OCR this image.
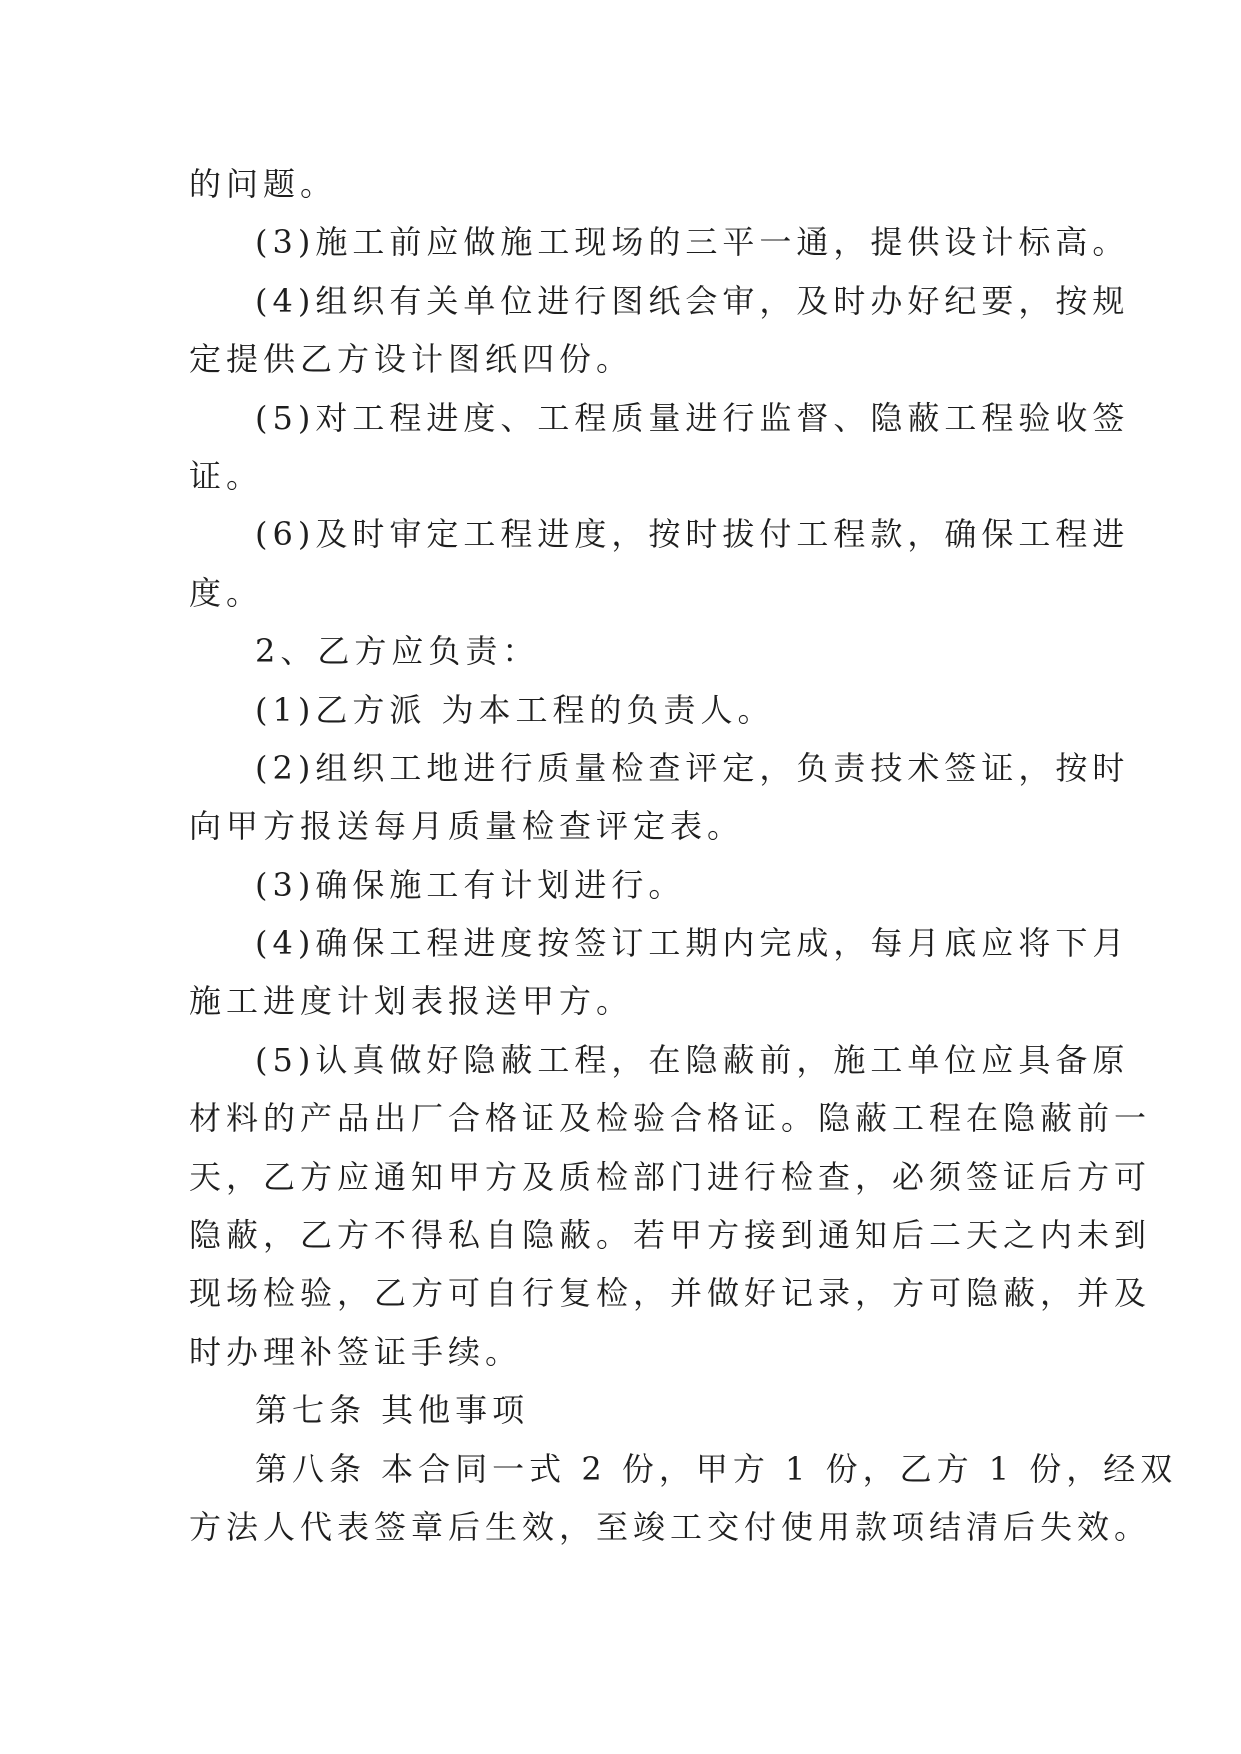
的问题。
(3)施工前应做施工现场的三平一通，提供设计标高。
(4)组织有关单位进行图纸会审，及时办好纪要，按规
定提供乙方设计图纸四份。
(5)对工程进度、工程质量进行监督、隐蔽工程验收签
证。
(6)及时审定工程进度，按时拔付工程款，确保工程进
度。
2、乙方应负责：
(1)乙方派 为本工程的负责人。
(2)组织工地进行质量检查评定，负责技术签证，按时
向甲方报送每月质量检查评定表。
(3)确保施工有计划进行。
(4)确保工程进度按签订工期内完成，每月底应将下月
施工进度计划表报送甲方。
(5)认真做好隐蔽工程，在隐蔽前，施工单位应具备原
材料的产品出厂合格证及检验合格证。隐蔽工程在隐蔽前一
天，乙方应通知甲方及质检部门进行检查，必须签证后方可
隐蔽，乙方不得私自隐蔽。若甲方接到通知后二天之内未到
现场检验，乙方可自行复检，并做好记录，方可隐蔽，并及
时办理补签证手续。
第七条 其他事项
第八条 本合同一式 2 份，甲方 1 份，乙方 1 份，经双
方法人代表签章后生效，至竣工交付使用款项结清后失效。
